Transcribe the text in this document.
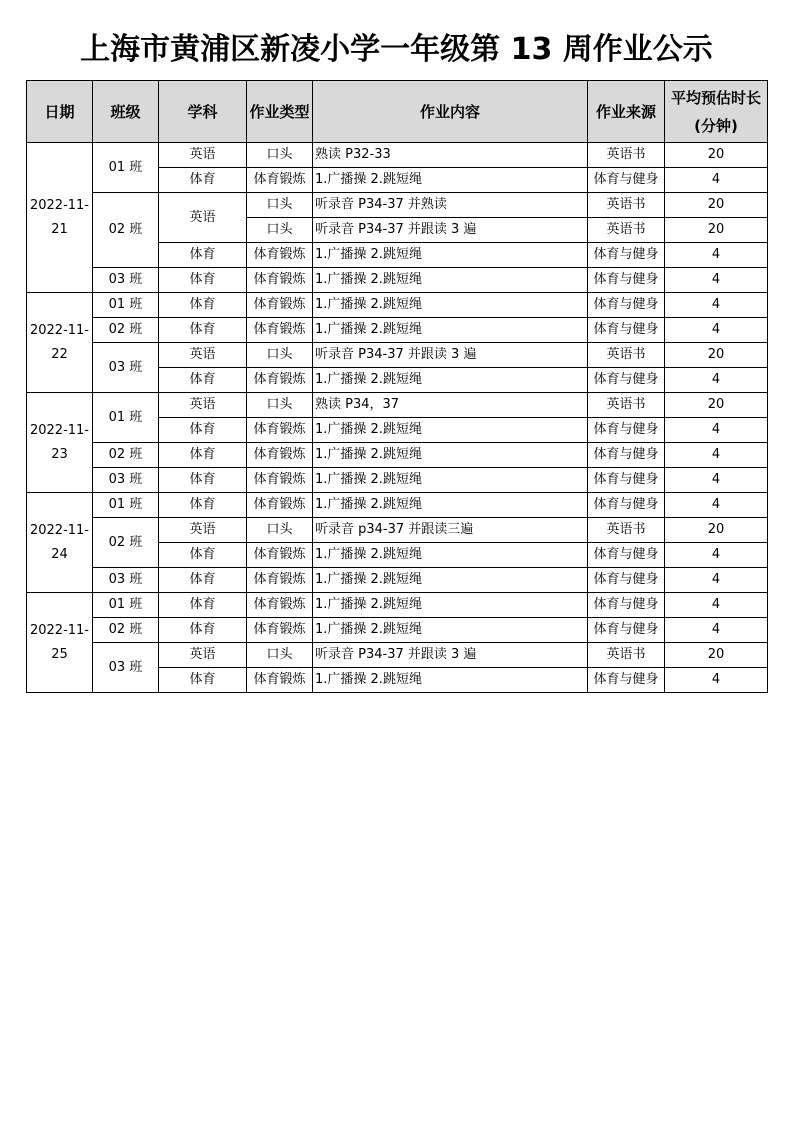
上海市黄浦区新凌小学一年级第 13 周作业公示
日期	班级	学科	作业类型	作业内容	作业来源	平均预估时长(分钟)
2022-11-21	01 班	英语	口头	熟读 P32-33	英语书	20
		体育	体育锻炼	1.广播操 2.跳短绳	体育与健身	4
	02 班	英语	口头	听录音 P34-37 并熟读	英语书	20
			口头	听录音 P34-37 并跟读 3 遍	英语书	20
		体育	体育锻炼	1.广播操 2.跳短绳	体育与健身	4
	03 班	体育	体育锻炼	1.广播操 2.跳短绳	体育与健身	4
2022-11-22	01 班	体育	体育锻炼	1.广播操 2.跳短绳	体育与健身	4
	02 班	体育	体育锻炼	1.广播操 2.跳短绳	体育与健身	4
	03 班	英语	口头	听录音 P34-37 并跟读 3 遍	英语书	20
		体育	体育锻炼	1.广播操 2.跳短绳	体育与健身	4
2022-11-23	01 班	英语	口头	熟读 P34，37	英语书	20
		体育	体育锻炼	1.广播操 2.跳短绳	体育与健身	4
	02 班	体育	体育锻炼	1.广播操 2.跳短绳	体育与健身	4
	03 班	体育	体育锻炼	1.广播操 2.跳短绳	体育与健身	4
2022-11-24	01 班	体育	体育锻炼	1.广播操 2.跳短绳	体育与健身	4
	02 班	英语	口头	听录音 p34-37 并跟读三遍	英语书	20
		体育	体育锻炼	1.广播操 2.跳短绳	体育与健身	4
	03 班	体育	体育锻炼	1.广播操 2.跳短绳	体育与健身	4
2022-11-25	01 班	体育	体育锻炼	1.广播操 2.跳短绳	体育与健身	4
	02 班	体育	体育锻炼	1.广播操 2.跳短绳	体育与健身	4
	03 班	英语	口头	听录音 P34-37 并跟读 3 遍	英语书	20
		体育	体育锻炼	1.广播操 2.跳短绳	体育与健身	4
